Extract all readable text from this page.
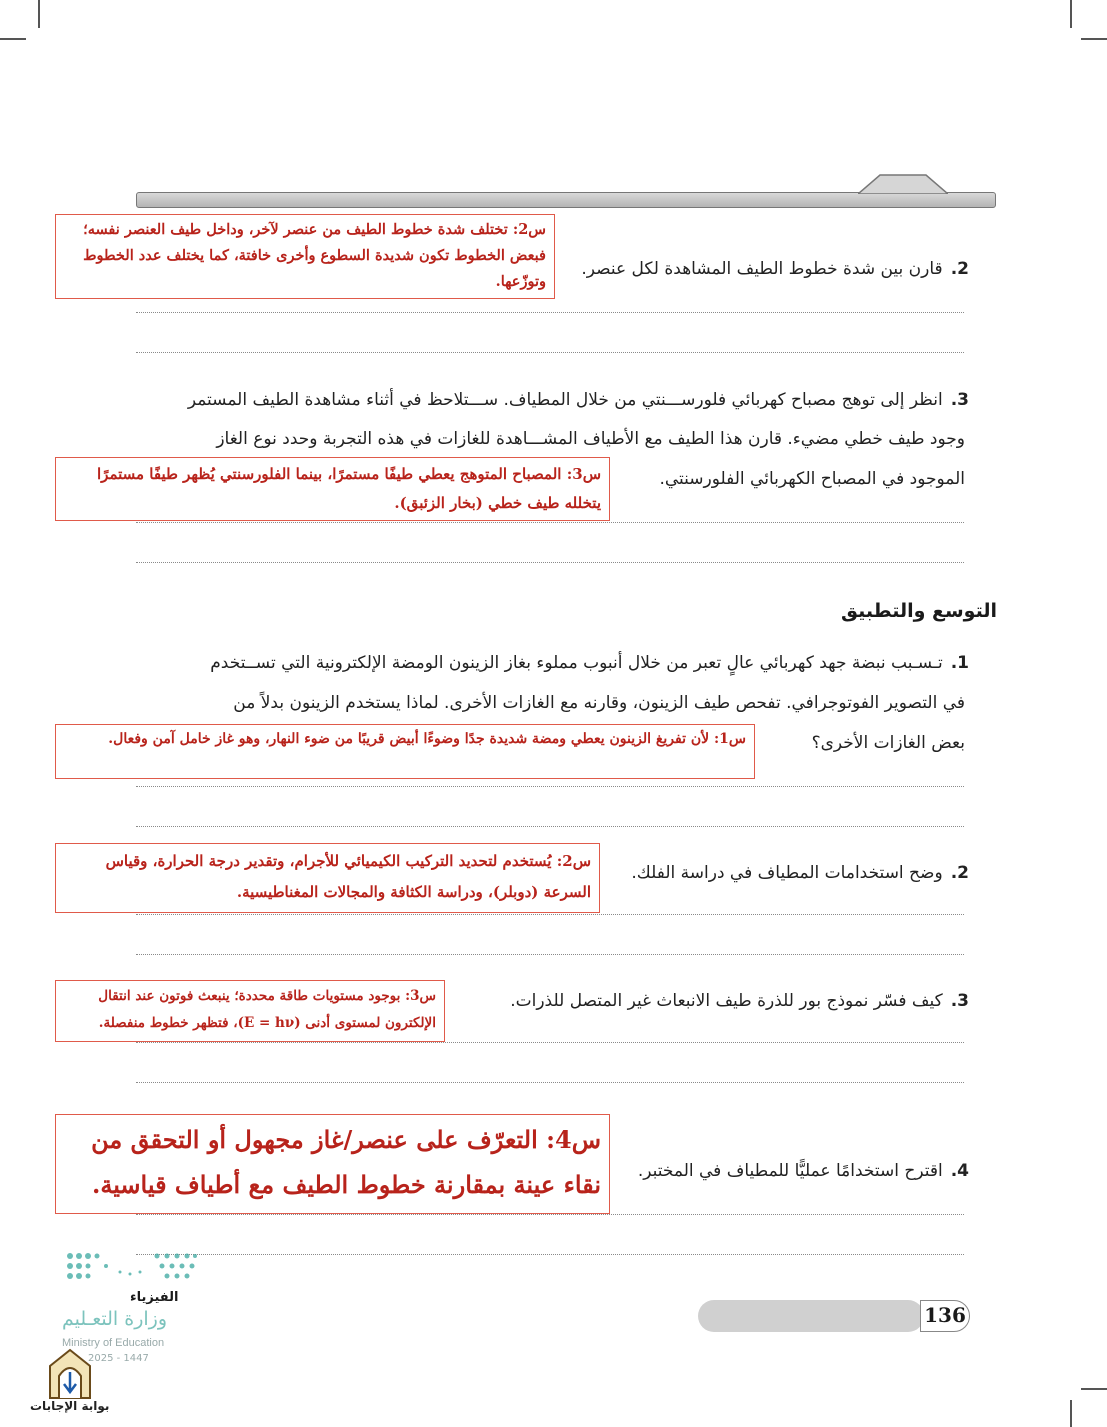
2.قارن بين شدة خطوط الطيف المشاهدة لكل عنصر.
س2: تختلف شدة خطوط الطيف من عنصر لآخر، وداخل طيف العنصر نفسه؛ فبعض الخطوط تكون شديدة السطوع وأخرى خافتة، كما يختلف عدد الخطوط وتوزّعها.
3.انظر إلى توهج مصباح كهربائي فلورســـنتي من خلال المطياف. ســـتلاحظ في أثناء مشاهدة الطيف المستمر
وجود طيف خطي مضيء. قارن هذا الطيف مع الأطياف المشـــاهدة للغازات في هذه التجربة وحدد نوع الغاز
الموجود في المصباح الكهربائي الفلورسنتي.
س3: المصباح المتوهج يعطي طيفًا مستمرًا، بينما الفلورسنتي يُظهر طيفًا مستمرًا يتخلله طيف خطي (بخار الزئبق).
التوسع والتطبيق
1.تـسـبب نبضة جهد كهربائي عالٍ تعبر من خلال أنبوب مملوء بغاز الزينون الومضة الإلكترونية التي تســتخدم
في التصوير الفوتوجرافي. تفحص طيف الزينون، وقارنه مع الغازات الأخرى. لماذا يستخدم الزينون بدلاً من
بعض الغازات الأخرى؟
س1: لأن تفريغ الزينون يعطي ومضة شديدة جدًا وضوءًا أبيض قريبًا من ضوء النهار، وهو غاز خامل آمن وفعال.
2.وضح استخدامات المطياف في دراسة الفلك.
س2: يُستخدم لتحديد التركيب الكيميائي للأجرام، وتقدير درجة الحرارة، وقياس السرعة (دوبلر)، ودراسة الكثافة والمجالات المغناطيسية.
3.كيف فسّر نموذج بور للذرة طيف الانبعاث غير المتصل للذرات.
س3: بوجود مستويات طاقة محددة؛ ينبعث فوتون عند انتقال الإلكترون لمستوى أدنى (E = hν)، فتظهر خطوط منفصلة.
4.اقترح استخدامًا عمليًّا للمطياف في المختبر.
س4: التعرّف على عنصر/غاز مجهول أو التحقق من نقاء عينة بمقارنة خطوط الطيف مع أطياف قياسية.
136
الفيزياء
وزارة التعـليم
Ministry of Education
2025 - 1447
بوابة الإجابات
